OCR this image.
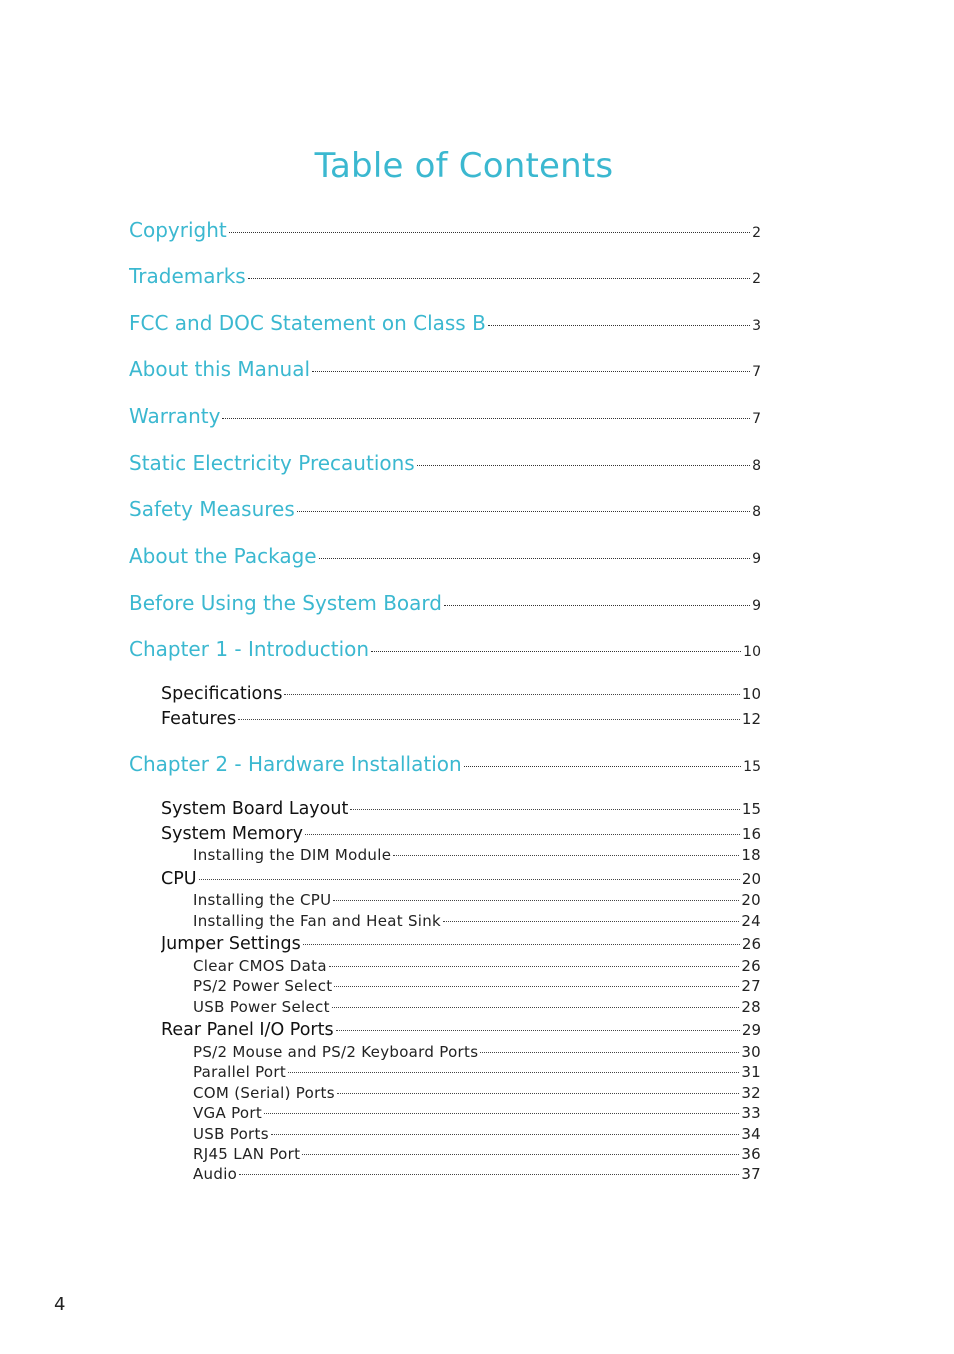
Table of Contents
Copyright	2
Trademarks	2
FCC and DOC Statement on Class B	3
About this Manual	7
Warranty	7
Static Electricity Precautions	8
Safety Measures	8
About the Package	9
Before Using the System Board	9
Chapter 1 - Introduction	10
Specifications	10
Features	12
Chapter 2 - Hardware Installation	15
System Board Layout	15
System Memory	16
Installing the DIM Module	18
CPU	20
Installing the CPU	20
Installing the Fan and Heat Sink	24
Jumper Settings	26
Clear CMOS Data	26
PS/2 Power Select	27
USB Power Select	28
Rear Panel I/O Ports	29
PS/2 Mouse and PS/2 Keyboard Ports	30
Parallel Port	31
COM (Serial) Ports	32
VGA Port	33
USB Ports	34
RJ45 LAN Port	36
Audio	37
4
